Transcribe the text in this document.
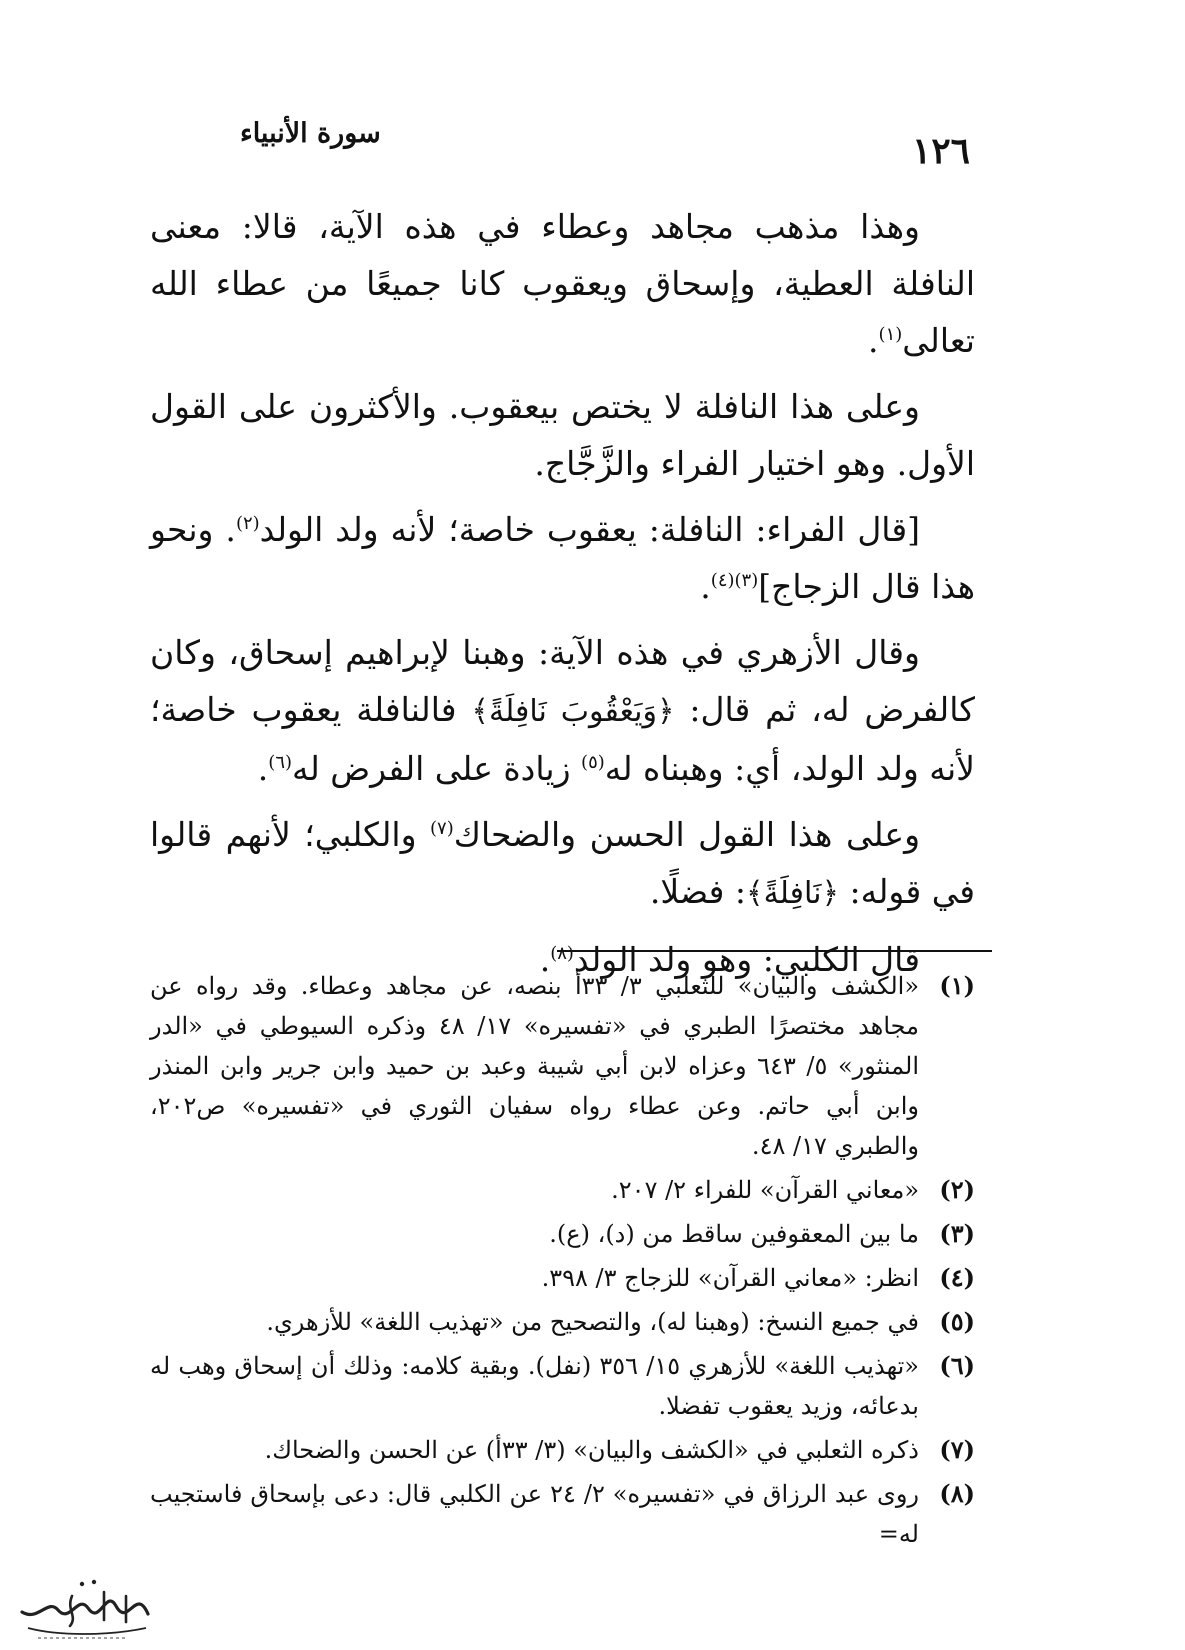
١٢٦
سورة الأنبياء

وهذا مذهب مجاهد وعطاء في هذه الآية، قالا: معنى النافلة العطية، وإسحاق ويعقوب كانا جميعًا من عطاء الله تعالى$^{(١)}$.

وعلى هذا النافلة لا يختص بيعقوب. والأكثرون على القول الأول. وهو اختيار الفراء والزَّجَّاج.

[قال الفراء: النافلة: يعقوب خاصة؛ لأنه ولد الولد$^{(٢)}$. ونحو هذا قال الزجاج]$^{(٣)(٤)}$.

وقال الأزهري في هذه الآية: وهبنا لإبراهيم إسحاق، وكان كالفرض له، ثم قال: ﴿وَيَعْقُوبَ نَافِلَةً﴾ فالنافلة يعقوب خاصة؛ لأنه ولد الولد، أي: وهبناه له$^{(٥)}$ زيادة على الفرض له$^{(٦)}$.

وعلى هذا القول الحسن والضحاك$^{(٧)}$ والكلبي؛ لأنهم قالوا في قوله: ﴿نَافِلَةً﴾: فضلًا.

قال الكلبي: وهو ولد الولد$^{(٨)}$.

(١)
«الكشف والبيان» للثعلبي ٣/ ٣٣أ بنصه، عن مجاهد وعطاء. وقد رواه عن مجاهد مختصرًا الطبري في «تفسيره» ١٧/ ٤٨ وذكره السيوطي في «الدر المنثور» ٥/ ٦٤٣ وعزاه لابن أبي شيبة وعبد بن حميد وابن جرير وابن المنذر وابن أبي حاتم. وعن عطاء رواه سفيان الثوري في «تفسيره» ص٢٠٢، والطبري ١٧/ ٤٨.
(٢)
«معاني القرآن» للفراء ٢/ ٢٠٧.
(٣)
ما بين المعقوفين ساقط من (د)، (ع).
(٤)
انظر: «معاني القرآن» للزجاج ٣/ ٣٩٨.
(٥)
في جميع النسخ: (وهبنا له)، والتصحيح من «تهذيب اللغة» للأزهري.
(٦)
«تهذيب اللغة» للأزهري ١٥/ ٣٥٦ (نفل). وبقية كلامه: وذلك أن إسحاق وهب له بدعائه، وزيد يعقوب تفضلا.
(٧)
ذكره الثعلبي في «الكشف والبيان» (٣/ ٣٣أ) عن الحسن والضحاك.
(٨)
روى عبد الرزاق في «تفسيره» ٢/ ٢٤ عن الكلبي قال: دعى بإسحاق فاستجيب له=
